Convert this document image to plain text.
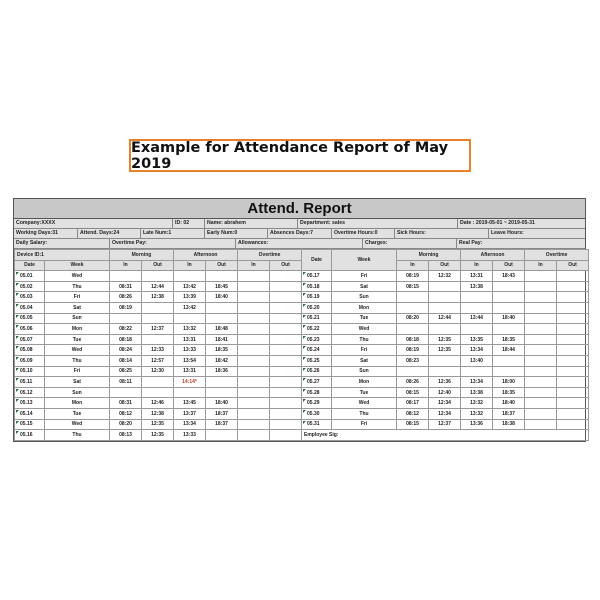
Example for Attendance Report of May 2019
Attend. Report
Company:XXXX	ID: 02	Name: abrahem	Department: sales	Date : 2019-05-01 ~ 2019-05-31
Working Days:31	Attend. Days:24	Late Num:1	Early Num:0	Absences Days:7	Overtime Hours:0	Sick Hours:	Leave Hours:
Daily Salary:	Overtime Pay:	Allowances:	Charges:	Real Pay:
Device ID:1		Morning		Afternoon		Overtime		Date	Week	Morning		Afternoon		Overtime	
Date	Week	In	Out	In	Out	In	Out			In	Out	In	Out	In	Out
05.01	Wed							05.17	Fri	08:19	12:32	13:31	18:43		
05.02	Thu	08:31	12:44	13:42	18:45			05.18	Sat	08:15		13:38			
05.03	Fri	08:26	12:38	13:39	18:40			05.19	Sun						
05.04	Sat	08:19		13:42				05.20	Mon						
05.05	Sun							05.21	Tue	08:20	12:44	13:44	18:40		
05.06	Mon	08:22	12:37	13:32	18:48			05.22	Wed						
05.07	Tue	08:18		13:31	18:41			05.23	Thu	08:18	12:35	13:35	18:35		
05.08	Wed	08:24	12:33	13:33	18:35			05.24	Fri	08:19	12:35	13:34	18:44		
05.09	Thu	08:14	12:57	13:54	18:42			05.25	Sat	08:23		13:40			
05.10	Fri	08:25	12:30	13:31	18:36			05.26	Sun						
05.11	Sat	08:11		14:14*				05.27	Mon	08:26	12:36	13:34	18:00		
05.12	Sun							05.28	Tue	08:15	12:40	13:38	18:35		
05.13	Mon	08:31	12:46	13:45	18:40			05.29	Wed	08:17	12:34	13:32	18:40		
05.14	Tue	08:12	12:38	13:37	18:37			05.30	Thu	08:12	12:34	13:32	18:37		
05.15	Wed	08:20	12:35	13:34	18:37			05.31	Fri	08:15	12:37	13:36	18:38		
05.16	Thu	08:13	12:35	13:33				Employee Sig:							
